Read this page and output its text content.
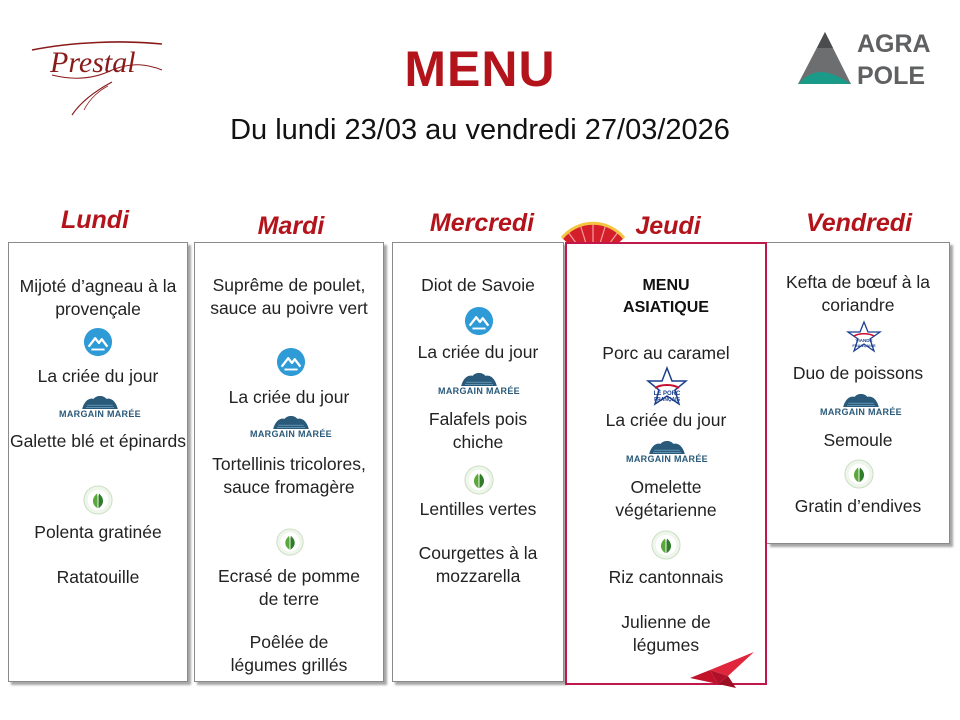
Prestal
AGRA
POLE
MENU
Du lundi 23/03 au vendredi 27/03/2026
Lundi	Mardi	Mercredi	Jeudi	Vendredi
Mijoté d’agneau à la provençale
La criée du jour
MARGAIN MARÉE
Galette blé et épinards
Polenta gratinée
Ratatouille
Suprême de poulet, sauce au poivre vert
La criée du jour
MARGAIN MARÉE
Tortellinis tricolores, sauce fromagère
Ecrasé de pomme de terre
Poêlée de légumes grillés
Diot de Savoie
La criée du jour
MARGAIN MARÉE
Falafels pois chiche
Lentilles vertes
Courgettes à la mozzarella
MENU ASIATIQUE
Porc au caramel
LE PORC
FRANÇAIS
La criée du jour
MARGAIN MARÉE
Omelette végétarienne
Riz cantonnais
Julienne de légumes
Kefta de bœuf à la coriandre
VIANDE
FRANÇAISE
Duo de poissons
MARGAIN MARÉE
Semoule
Gratin d’endives
